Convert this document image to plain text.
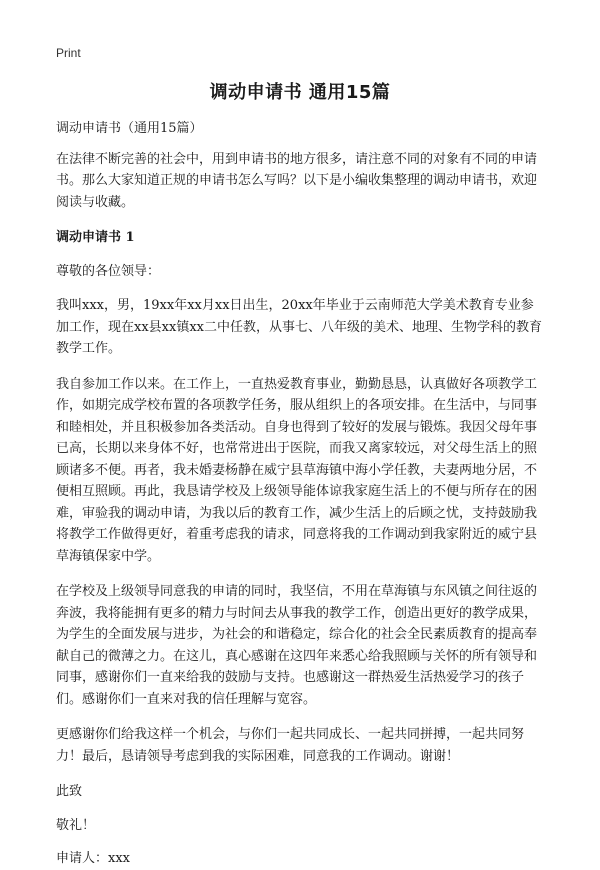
Print
调动申请书 通用15篇

调动申请书（通用15篇）

在法律不断完善的社会中，用到申请书的地方很多，请注意不同的对象有不同的申请书。那么大家知道正规的申请书怎么写吗？以下是小编收集整理的调动申请书，欢迎阅读与收藏。

调动申请书 1

尊敬的各位领导：

我叫xxx，男，19xx年xx月xx日出生，20xx年毕业于云南师范大学美术教育专业参加工作，现在xx县xx镇xx二中任教，从事七、八年级的美术、地理、生物学科的教育教学工作。

我自参加工作以来。在工作上，一直热爱教育事业，勤勤恳恳，认真做好各项教学工作，如期完成学校布置的各项教学任务，服从组织上的各项安排。在生活中，与同事和睦相处，并且积极参加各类活动。自身也得到了较好的发展与锻炼。我因父母年事已高，长期以来身体不好，也常常进出于医院，而我又离家较远，对父母生活上的照顾诸多不便。再者，我未婚妻杨静在威宁县草海镇中海小学任教，夫妻两地分居，不便相互照顾。再此，我恳请学校及上级领导能体谅我家庭生活上的不便与所存在的困难，审验我的调动申请，为我以后的教育工作，减少生活上的后顾之忧，支持鼓励我将教学工作做得更好，着重考虑我的请求，同意将我的工作调动到我家附近的威宁县草海镇保家中学。

在学校及上级领导同意我的申请的同时，我坚信，不用在草海镇与东风镇之间往返的奔波，我将能拥有更多的精力与时间去从事我的教学工作，创造出更好的教学成果，为学生的全面发展与进步，为社会的和谐稳定，综合化的社会全民素质教育的提高奉献自己的微薄之力。在这儿，真心感谢在这四年来悉心给我照顾与关怀的所有领导和同事，感谢你们一直来给我的鼓励与支持。也感谢这一群热爱生活热爱学习的孩子们。感谢你们一直来对我的信任理解与宽容。

更感谢你们给我这样一个机会，与你们一起共同成长、一起共同拼搏，一起共同努力！最后，恳请领导考虑到我的实际困难，同意我的工作调动。谢谢！

此致

敬礼！

申请人：xxx
